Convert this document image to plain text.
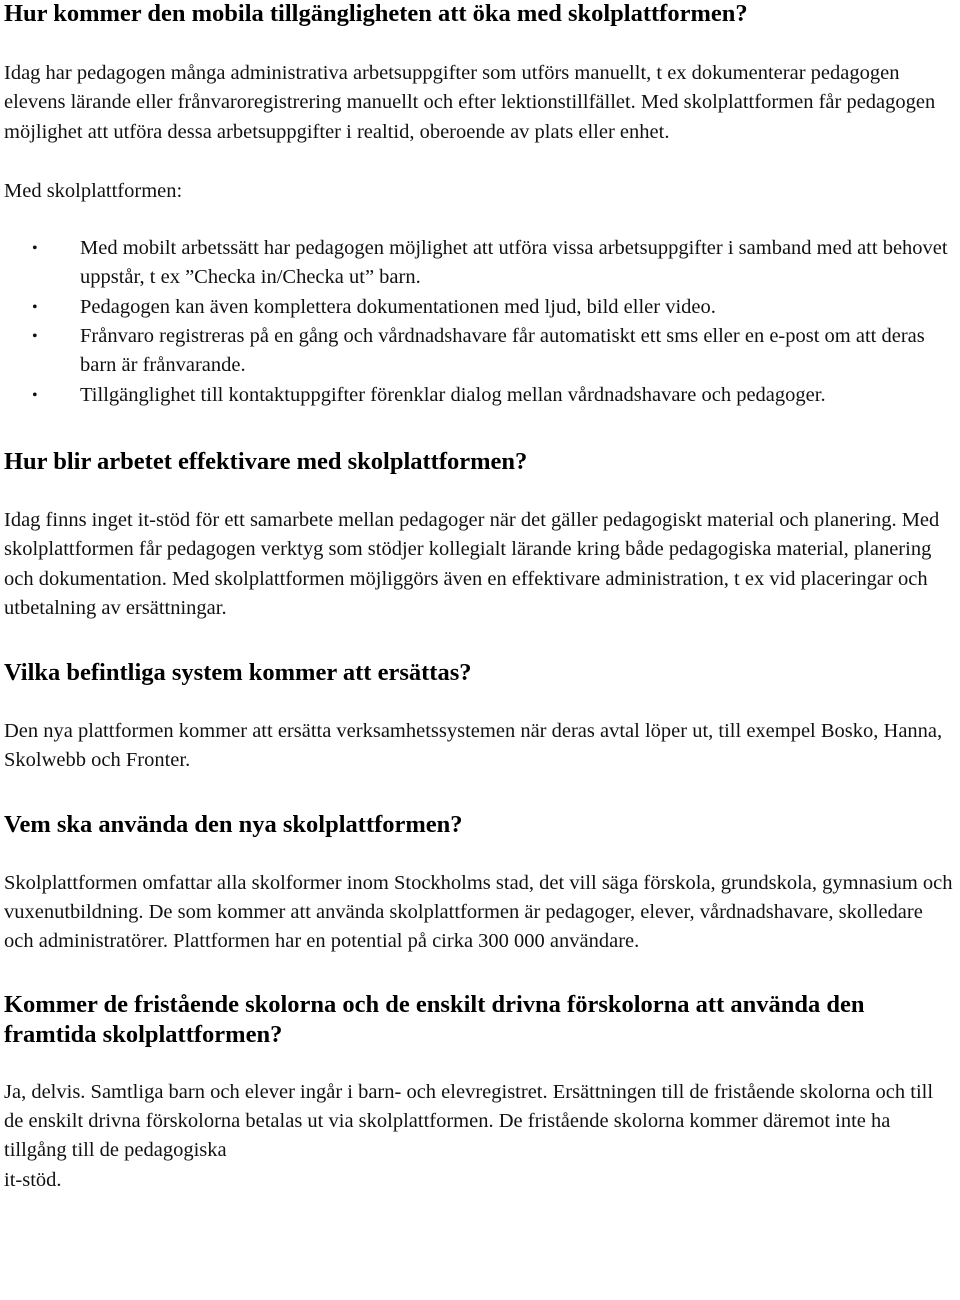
Hur kommer den mobila tillgängligheten att öka med skolplattformen?

Idag har pedagogen många administrativa arbetsuppgifter som utförs manuellt, t ex dokumenterar pedagogen elevens lärande eller frånvaroregistrering manuellt och efter lektionstillfället. Med skolplattformen får pedagogen möjlighet att utföra dessa arbetsuppgifter i realtid, oberoende av plats eller enhet.

Med skolplattformen:

• Med mobilt arbetssätt har pedagogen möjlighet att utföra vissa arbetsuppgifter i samband med att behovet uppstår, t ex ”Checka in/Checka ut” barn.
• Pedagogen kan även komplettera dokumentationen med ljud, bild eller video.
• Frånvaro registreras på en gång och vårdnadshavare får automatiskt ett sms eller en e-post om att deras barn är frånvarande.
• Tillgänglighet till kontaktuppgifter förenklar dialog mellan vårdnadshavare och pedagoger.
Hur blir arbetet effektivare med skolplattformen?

Idag finns inget it-stöd för ett samarbete mellan pedagoger när det gäller pedagogiskt material och planering. Med skolplattformen får pedagogen verktyg som stödjer kollegialt lärande kring både pedagogiska material, planering och dokumentation. Med skolplattformen möjliggörs även en effektivare administration, t ex vid placeringar och utbetalning av ersättningar.

Vilka befintliga system kommer att ersättas?

Den nya plattformen kommer att ersätta verksamhetssystemen när deras avtal löper ut, till exempel Bosko, Hanna, Skolwebb och Fronter.

Vem ska använda den nya skolplattformen?

Skolplattformen omfattar alla skolformer inom Stockholms stad, det vill säga förskola, grundskola, gymnasium och vuxenutbildning. De som kommer att använda skolplattformen är pedagoger, elever, vårdnadshavare, skolledare och administratörer. Plattformen har en potential på cirka 300 000 användare.

Kommer de fristående skolorna och de enskilt drivna förskolorna att använda den framtida skolplattformen?

Ja, delvis. Samtliga barn och elever ingår i barn- och elevregistret. Ersättningen till de fristående skolorna och till de enskilt drivna förskolorna betalas ut via skolplattformen. De fristående skolorna kommer däremot inte ha tillgång till de pedagogiska

it-stöd.
